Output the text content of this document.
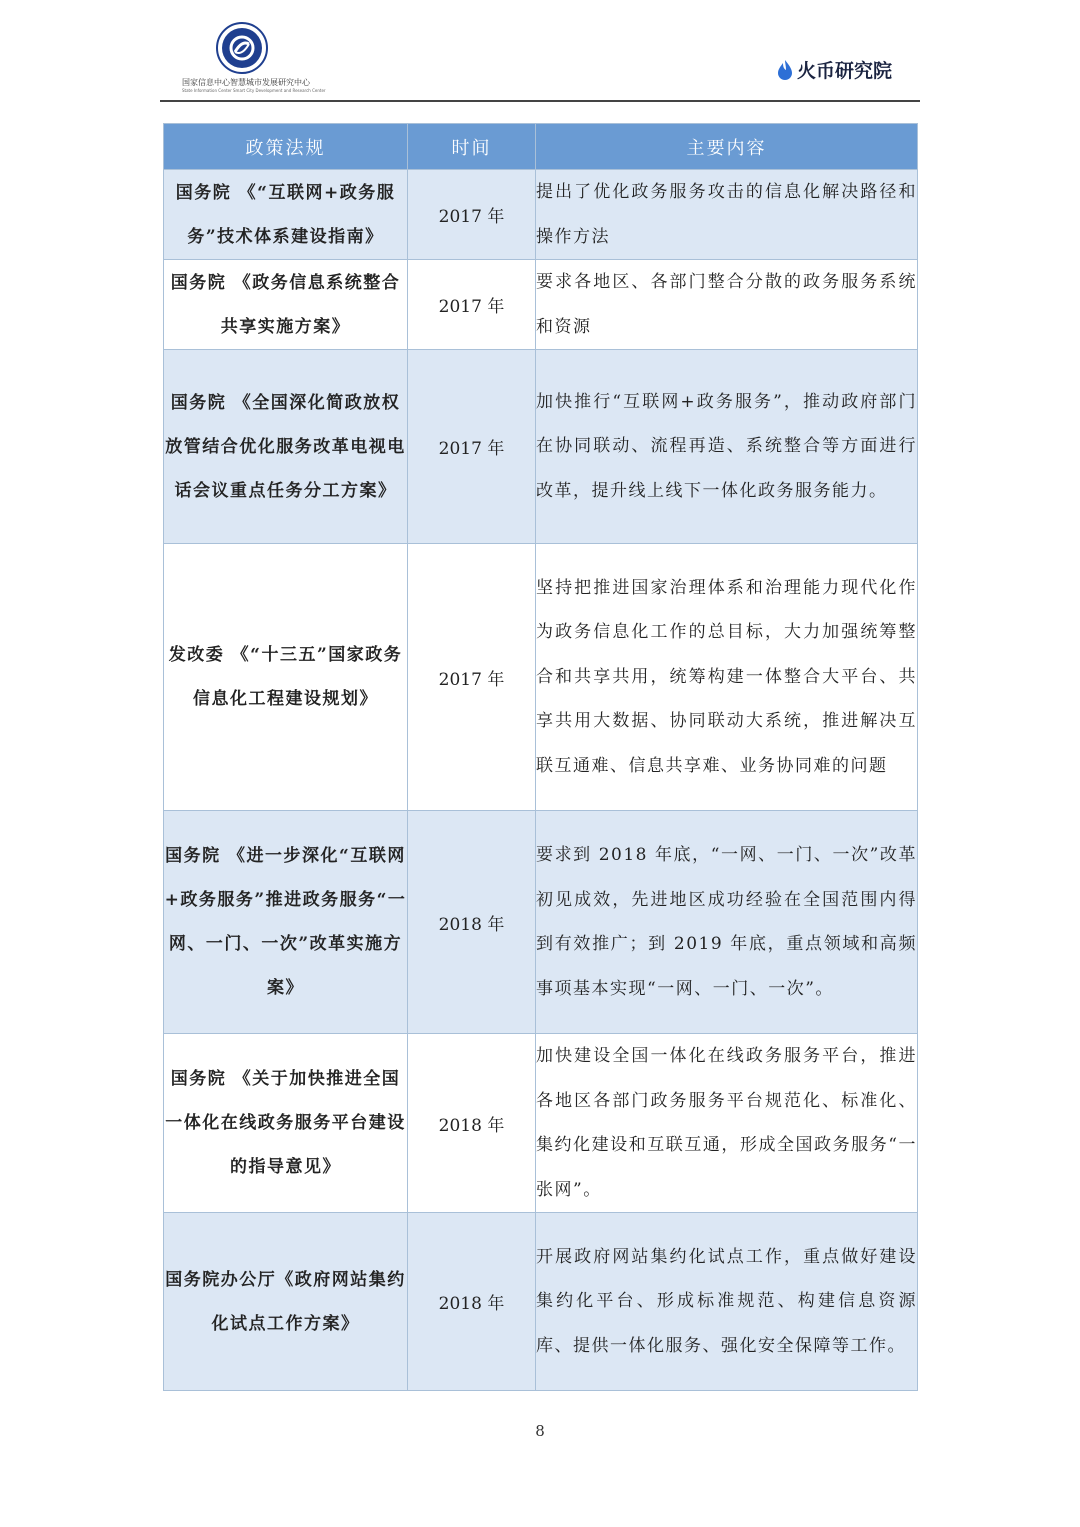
国家信息中心智慧城市发展研究中心
State Information Center Smart City Development and Research Center
火币研究院
政策法规	时间	主要内容
国务院 《“互联网+政务服务”技术体系建设指南》	2017 年	提出了优化政务服务攻击的信息化解决路径和操作方法
国务院 《政务信息系统整合共享实施方案》	2017 年	要求各地区、各部门整合分散的政务服务系统和资源
国务院 《全国深化简政放权放管结合优化服务改革电视电话会议重点任务分工方案》	2017 年	加快推行“互联网+政务服务”，推动政府部门在协同联动、流程再造、系统整合等方面进行改革，提升线上线下一体化政务服务能力。
发改委 《“十三五”国家政务信息化工程建设规划》	2017 年	坚持把推进国家治理体系和治理能力现代化作为政务信息化工作的总目标，大力加强统筹整合和共享共用，统筹构建一体整合大平台、共享共用大数据、协同联动大系统，推进解决互联互通难、信息共享难、业务协同难的问题
国务院 《进一步深化“互联网+政务服务”推进政务服务“一网、一门、一次”改革实施方案》	2018 年	要求到 2018 年底，“一网、一门、一次”改革初见成效，先进地区成功经验在全国范围内得到有效推广；到 2019 年底，重点领域和高频事项基本实现“一网、一门、一次”。
国务院 《关于加快推进全国一体化在线政务服务平台建设的指导意见》	2018 年	加快建设全国一体化在线政务服务平台，推进各地区各部门政务服务平台规范化、标准化、集约化建设和互联互通，形成全国政务服务“一张网”。
国务院办公厅《政府网站集约化试点工作方案》	2018 年	开展政府网站集约化试点工作，重点做好建设集约化平台、形成标准规范、构建信息资源库、提供一体化服务、强化安全保障等工作。
8
